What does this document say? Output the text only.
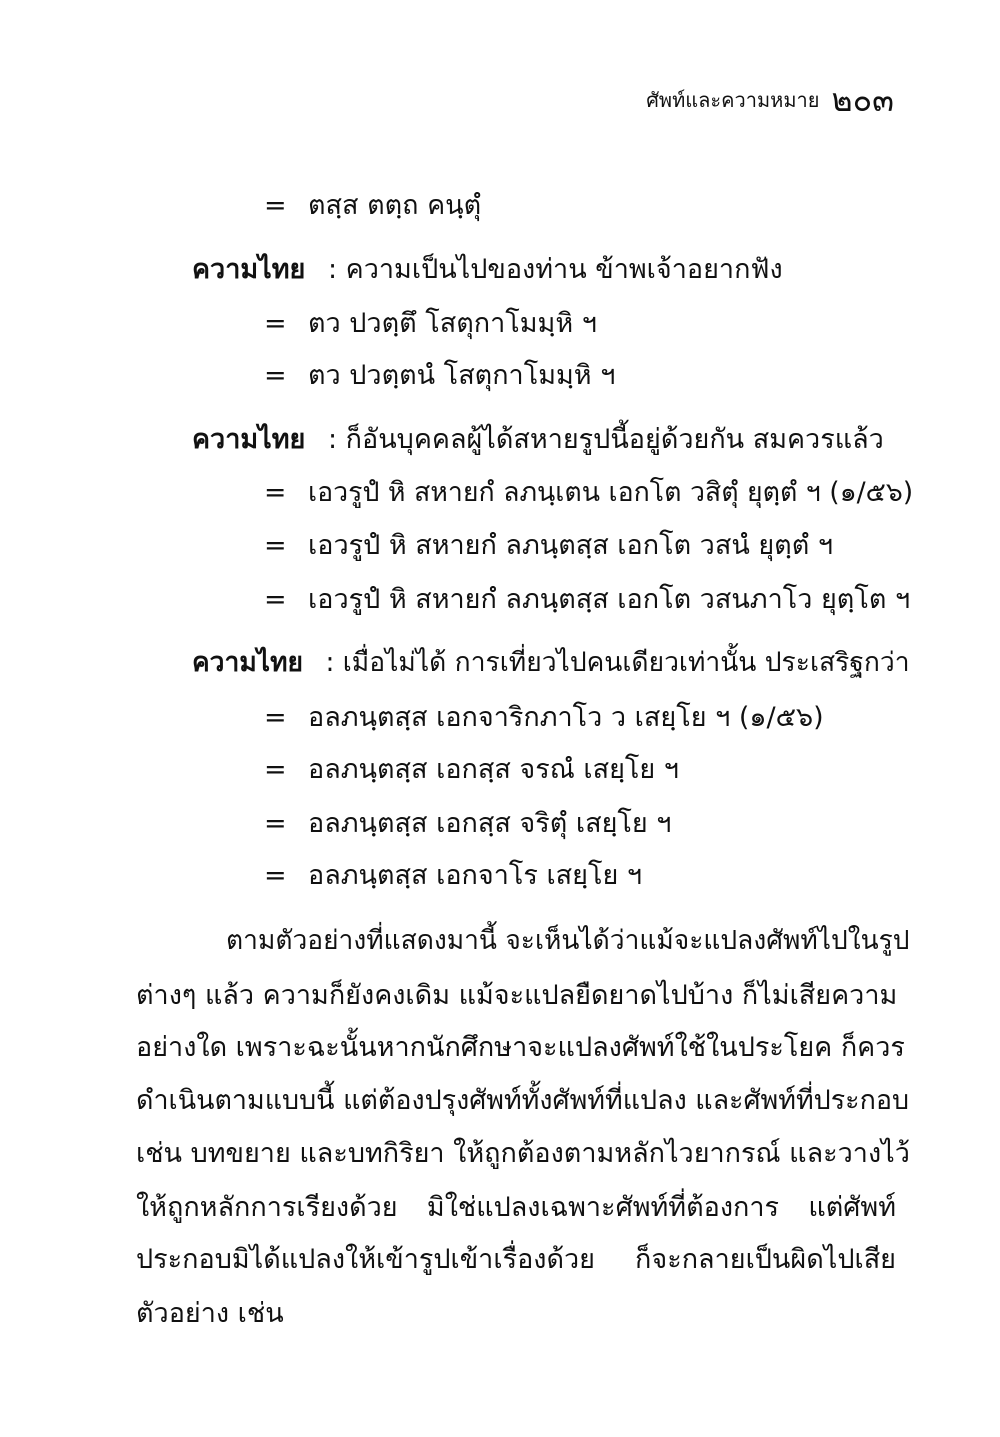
ศัพท์และความหมาย ๒๐๓
= ตสฺส ตตฺถ คนฺตุํ
ความไทย : ความเป็นไปของท่าน ข้าพเจ้าอยากฟัง
= ตว ปวตฺตึ โสตุกาโมมฺหิ ฯ
= ตว ปวตฺตนํ โสตุกาโมมฺหิ ฯ
ความไทย : ก็อันบุคคลผู้ได้สหายรูปนี้อยู่ด้วยกัน สมควรแล้ว
= เอวรูปํ หิ สหายกํ ลภนฺเตน เอกโต วสิตุํ ยุตฺตํ ฯ (๑/๕๖)
= เอวรูปํ หิ สหายกํ ลภนฺตสฺส เอกโต วสนํ ยุตฺตํ ฯ
= เอวรูปํ หิ สหายกํ ลภนฺตสฺส เอกโต วสนภาโว ยุตฺโต ฯ
ความไทย : เมื่อไม่ได้ การเที่ยวไปคนเดียวเท่านั้น ประเสริฐกว่า
= อลภนฺตสฺส เอกจาริกภาโว ว เสยฺโย ฯ (๑/๕๖)
= อลภนฺตสฺส เอกสฺส จรณํ เสยฺโย ฯ
= อลภนฺตสฺส เอกสฺส จริตุํ เสยฺโย ฯ
= อลภนฺตสฺส เอกจาโร เสยฺโย ฯ
ตามตัวอย่างที่แสดงมานี้ จะเห็นได้ว่าแม้จะแปลงศัพท์ไปในรูป
ต่างๆ แล้ว ความก็ยังคงเดิม แม้จะแปลยืดยาดไปบ้าง ก็ไม่เสียความ
อย่างใด เพราะฉะนั้นหากนักศึกษาจะแปลงศัพท์ใช้ในประโยค ก็ควร
ดำเนินตามแบบนี้ แต่ต้องปรุงศัพท์ทั้งศัพท์ที่แปลง และศัพท์ที่ประกอบ
เช่น บทขยาย และบทกิริยา ให้ถูกต้องตามหลักไวยากรณ์ และวางไว้
ให้ถูกหลักการเรียงด้วย มิใช่แปลงเฉพาะศัพท์ที่ต้องการ แต่ศัพท์
ประกอบมิได้แปลงให้เข้ารูปเข้าเรื่องด้วย ก็จะกลายเป็นผิดไปเสีย
ตัวอย่าง เช่น
